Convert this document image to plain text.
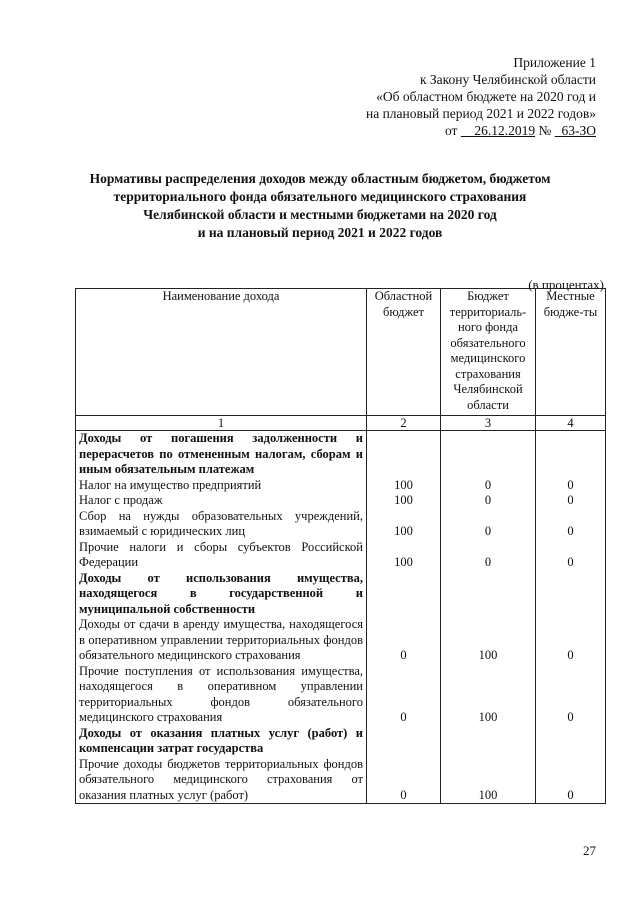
Приложение 1
к Закону Челябинской области
«Об областном бюджете на 2020 год и
на плановый период 2021 и 2022 годов»
от 26.12.2019 № 63-ЗО
Нормативы распределения доходов между областным бюджетом, бюджетом
территориального фонда обязательного медицинского страхования
Челябинской области и местными бюджетами на 2020 год
и на плановый период 2021 и 2022 годов
(в процентах)
Наименование дохода	Областной бюджет	Бюджет территориаль-ного фонда обязательного медицинского страхования Челябинской области	Местные бюдже-ты
1	2	3	4
Доходы от погашения задолженности и перерасчетов по отмененным налогам, сборам и иным обязательным платежам			
Налог на имущество предприятий	100	0	0
Налог с продаж	100	0	0
Сбор на нужды образовательных учреждений, взимаемый с юридических лиц	100	0	0
Прочие налоги и сборы субъектов Российской Федерации	100	0	0
Доходы от использования имущества, находящегося в государственной и муниципальной собственности			
Доходы от сдачи в аренду имущества, находящегося в оперативном управлении территориальных фондов обязательного медицинского страхования	0	100	0
Прочие поступления от использования имущества, находящегося в оперативном управлении территориальных фондов обязательного медицинского страхования	0	100	0
Доходы от оказания платных услуг (работ) и компенсации затрат государства			
Прочие доходы бюджетов территориальных фондов обязательного медицинского страхования от оказания платных услуг (работ)	0	100	0
27
